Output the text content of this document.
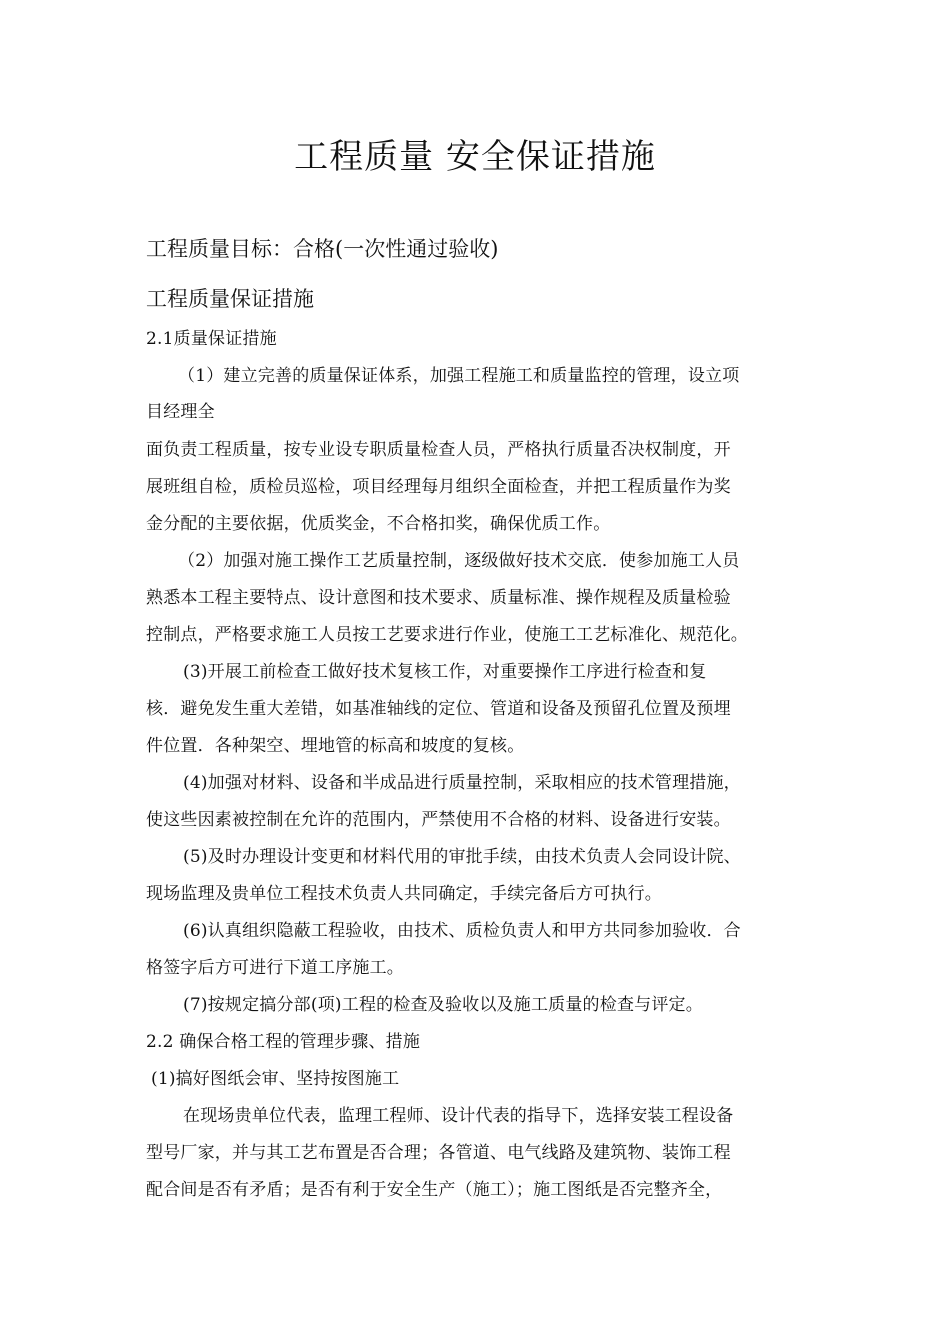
工程质量 安全保证措施
工程质量目标：合格(一次性通过验收)
工程质量保证措施
2.1质量保证措施
（1）建立完善的质量保证体系，加强工程施工和质量监控的管理，设立项
目经理全
面负责工程质量，按专业设专职质量检查人员，严格执行质量否决权制度，开
展班组自检，质检员巡检，项目经理每月组织全面检查，并把工程质量作为奖
金分配的主要依据，优质奖金，不合格扣奖，确保优质工作。
（2）加强对施工操作工艺质量控制，逐级做好技术交底．使参加施工人员
熟悉本工程主要特点、设计意图和技术要求、质量标准、操作规程及质量检验
控制点，严格要求施工人员按工艺要求进行作业，使施工工艺标准化、规范化。
(3)开展工前检查工做好技术复核工作，对重要操作工序进行检查和复
核．避免发生重大差错，如基准轴线的定位、管道和设备及预留孔位置及预埋
件位置．各种架空、埋地管的标高和坡度的复核。
(4)加强对材料、设备和半成品进行质量控制，采取相应的技术管理措施，
使这些因素被控制在允许的范围内，严禁使用不合格的材料、设备进行安装。
(5)及时办理设计变更和材料代用的审批手续，由技术负责人会同设计院、
现场监理及贵单位工程技术负责人共同确定，手续完备后方可执行。
(6)认真组织隐蔽工程验收，由技术、质检负责人和甲方共同参加验收．合
格签字后方可进行下道工序施工。
(7)按规定搞分部(项)工程的检查及验收以及施工质量的检查与评定。
2.2 确保合格工程的管理步骤、措施
(1)搞好图纸会审、坚持按图施工
在现场贵单位代表，监理工程师、设计代表的指导下，选择安装工程设备
型号厂家，并与其工艺布置是否合理；各管道、电气线路及建筑物、装饰工程
配合间是否有矛盾；是否有利于安全生产（施工）；施工图纸是否完整齐全，
